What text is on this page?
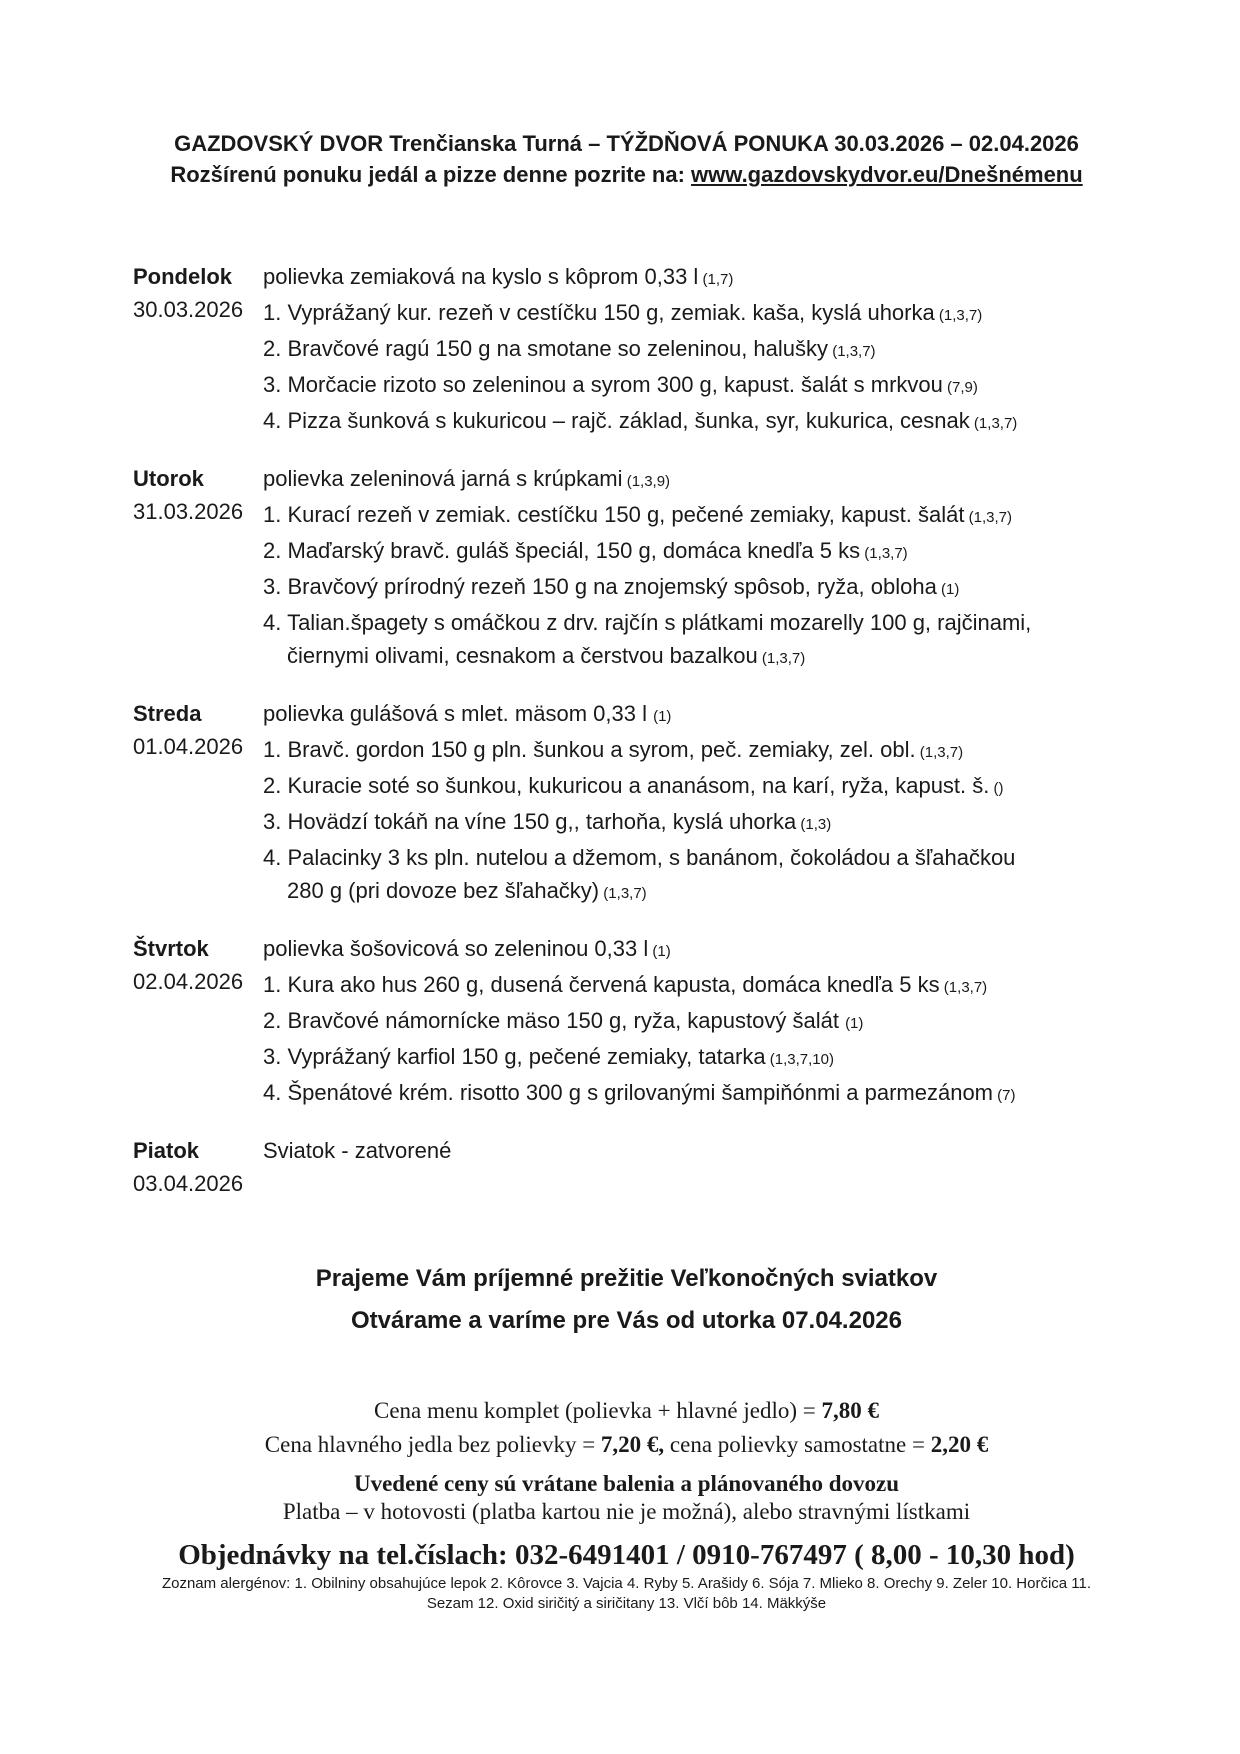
GAZDOVSKÝ DVOR Trenčianska Turná – TÝŽDŇOVÁ PONUKA 30.03.2026 – 02.04.2026
Rozšírenú ponuku jedál a pizze denne pozrite na: www.gazdovskydvor.eu/Dnešnémenu
Pondelok
30.03.2026
polievka zemiaková na kyslo s kôprom 0,33 l (1,7)
1. Vyprážaný kur. rezeň v cestíčku 150 g, zemiak. kaša, kyslá uhorka (1,3,7)
2. Bravčové ragú 150 g na smotane so zeleninou, halušky (1,3,7)
3. Morčacie rizoto so zeleninou a syrom 300 g, kapust. šalát s mrkvou (7,9)
4. Pizza šunková s kukuricou – rajč. základ, šunka, syr, kukurica, cesnak (1,3,7)
Utorok
31.03.2026
polievka zeleninová jarná s krúpkami (1,3,9)
1. Kurací rezeň v zemiak. cestíčku 150 g, pečené zemiaky, kapust. šalát (1,3,7)
2. Maďarský bravč. guláš špeciál, 150 g, domáca knedľa 5 ks (1,3,7)
3. Bravčový prírodný rezeň 150 g na znojemský spôsob, ryža, obloha (1)
4. Talian.špagety s omáčkou z drv. rajčín s plátkami mozarelly 100 g, rajčinami,
čiernymi olivami, cesnakom a čerstvou bazalkou (1,3,7)
Streda
01.04.2026
polievka gulášová s mlet. mäsom 0,33 l (1)
1. Bravč. gordon 150 g pln. šunkou a syrom, peč. zemiaky, zel. obl. (1,3,7)
2. Kuracie soté so šunkou, kukuricou a ananásom, na karí, ryža, kapust. š. ()
3. Hovädzí tokáň na víne 150 g,, tarhoňa, kyslá uhorka (1,3)
4. Palacinky 3 ks pln. nutelou a džemom, s banánom, čokoládou a šľahačkou
280 g (pri dovoze bez šľahačky) (1,3,7)
Štvrtok
02.04.2026
polievka šošovicová so zeleninou 0,33 l (1)
1. Kura ako hus 260 g, dusená červená kapusta, domáca knedľa 5 ks (1,3,7)
2. Bravčové námornícke mäso 150 g, ryža, kapustový šalát (1)
3. Vyprážaný karfiol 150 g, pečené zemiaky, tatarka (1,3,7,10)
4. Špenátové krém. risotto 300 g s grilovanými šampiňónmi a parmezánom (7)
Piatok
03.04.2026
Sviatok - zatvorené
Prajeme Vám príjemné prežitie Veľkonočných sviatkov
Otvárame a varíme pre Vás od utorka 07.04.2026
Cena menu komplet (polievka + hlavné jedlo) = 7,80 €
Cena hlavného jedla bez polievky = 7,20 €, cena polievky samostatne = 2,20 €
Uvedené ceny sú vrátane balenia a plánovaného dovozu
Platba – v hotovosti (platba kartou nie je možná), alebo stravnými lístkami
Objednávky na tel.číslach: 032-6491401 / 0910-767497 ( 8,00 - 10,30 hod)
Zoznam alergénov: 1. Obilniny obsahujúce lepok 2. Kôrovce 3. Vajcia 4. Ryby 5. Arašidy 6. Sója 7. Mlieko 8. Orechy 9. Zeler 10. Horčica 11.
Sezam 12. Oxid siričitý a siričitany 13. Vlčí bôb 14. Mäkkýše
